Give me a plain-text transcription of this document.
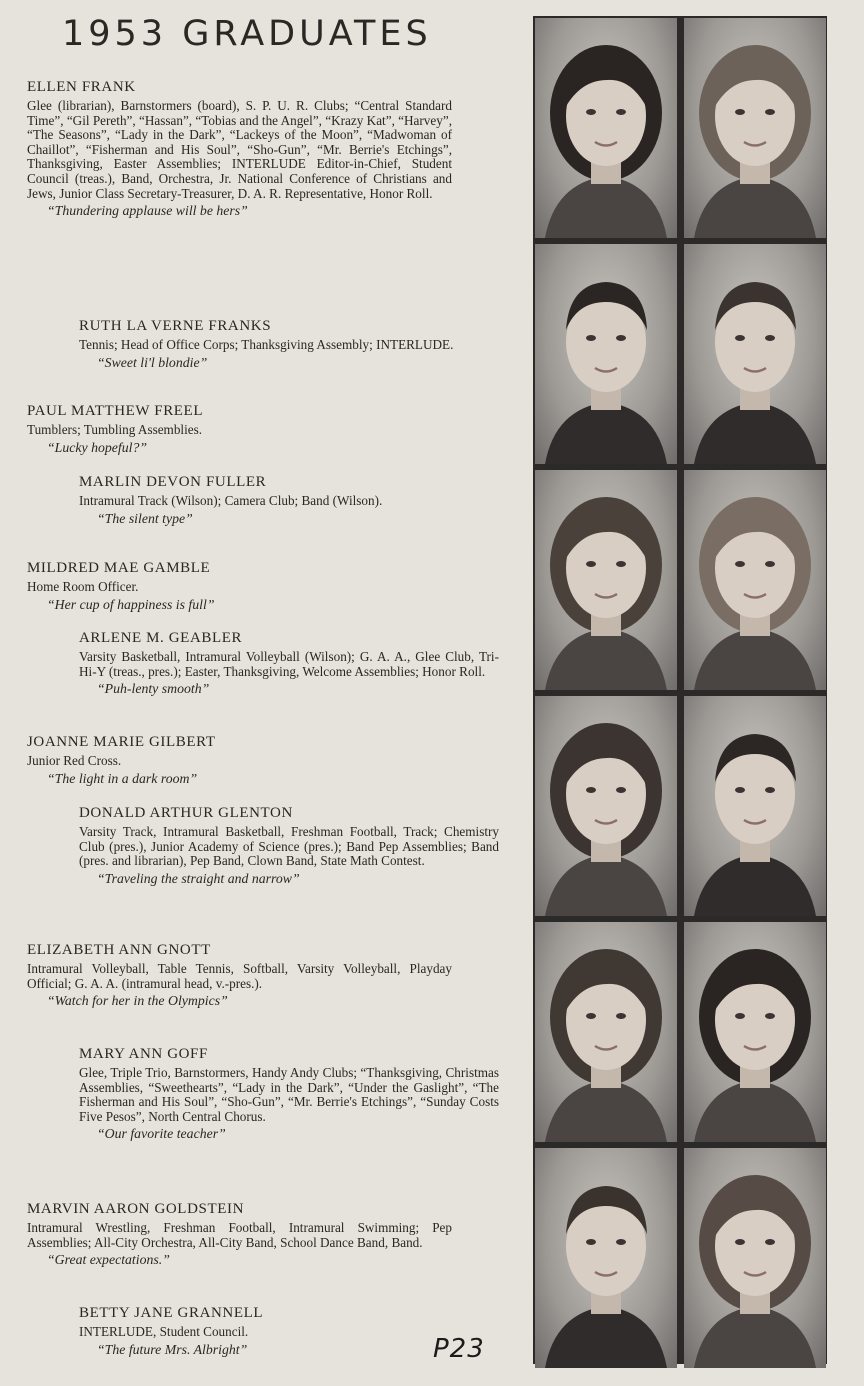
1953 GRADUATES

ELLEN FRANK

Glee (librarian), Barnstormers (board), S. P. U. R. Clubs; “Central Standard Time”, “Gil Pereth”, “Hassan”, “Tobias and the Angel”, “Krazy Kat”, “Harvey”, “The Seasons”, “Lady in the Dark”, “Lackeys of the Moon”, “Madwoman of Chaillot”, “Fisherman and His Soul”, “Sho-Gun”, “Mr. Berrie's Etchings”, Thanksgiving, Easter Assemblies; INTERLUDE Editor-in-Chief, Student Council (treas.), Band, Orchestra, Jr. National Conference of Christians and Jews, Junior Class Secretary-Treasurer, D. A. R. Representative, Honor Roll.

“Thundering applause will be hers”

RUTH LA VERNE FRANKS

Tennis; Head of Office Corps; Thanksgiving Assembly; INTERLUDE.

“Sweet li'l blondie”

PAUL MATTHEW FREEL

Tumblers; Tumbling Assemblies.

“Lucky hopeful?”

MARLIN DEVON FULLER

Intramural Track (Wilson); Camera Club; Band (Wilson).

“The silent type”

MILDRED MAE GAMBLE

Home Room Officer.

“Her cup of happiness is full”

ARLENE M. GEABLER

Varsity Basketball, Intramural Volleyball (Wilson); G. A. A., Glee Club, Tri-Hi-Y (treas., pres.); Easter, Thanksgiving, Welcome Assemblies; Honor Roll.

“Puh-lenty smooth”

JOANNE MARIE GILBERT

Junior Red Cross.

“The light in a dark room”

DONALD ARTHUR GLENTON

Varsity Track, Intramural Basketball, Freshman Football, Track; Chemistry Club (pres.), Junior Academy of Science (pres.); Band Pep Assemblies; Band (pres. and librarian), Pep Band, Clown Band, State Math Contest.

“Traveling the straight and narrow”

ELIZABETH ANN GNOTT

Intramural Volleyball, Table Tennis, Softball, Varsity Volleyball, Playday Official; G. A. A. (intramural head, v.-pres.).

“Watch for her in the Olympics”

MARY ANN GOFF

Glee, Triple Trio, Barnstormers, Handy Andy Clubs; “Thanksgiving, Christmas Assemblies, “Sweethearts”, “Lady in the Dark”, “Under the Gaslight”, “The Fisherman and His Soul”, “Sho-Gun”, “Mr. Berrie's Etchings”, “Sunday Costs Five Pesos”, North Central Chorus.

“Our favorite teacher”

MARVIN AARON GOLDSTEIN

Intramural Wrestling, Freshman Football, Intramural Swimming; Pep Assemblies; All-City Orchestra, All-City Band, School Dance Band, Band.

“Great expectations.”

BETTY JANE GRANNELL

INTERLUDE, Student Council.

“The future Mrs. Albright”	P23
